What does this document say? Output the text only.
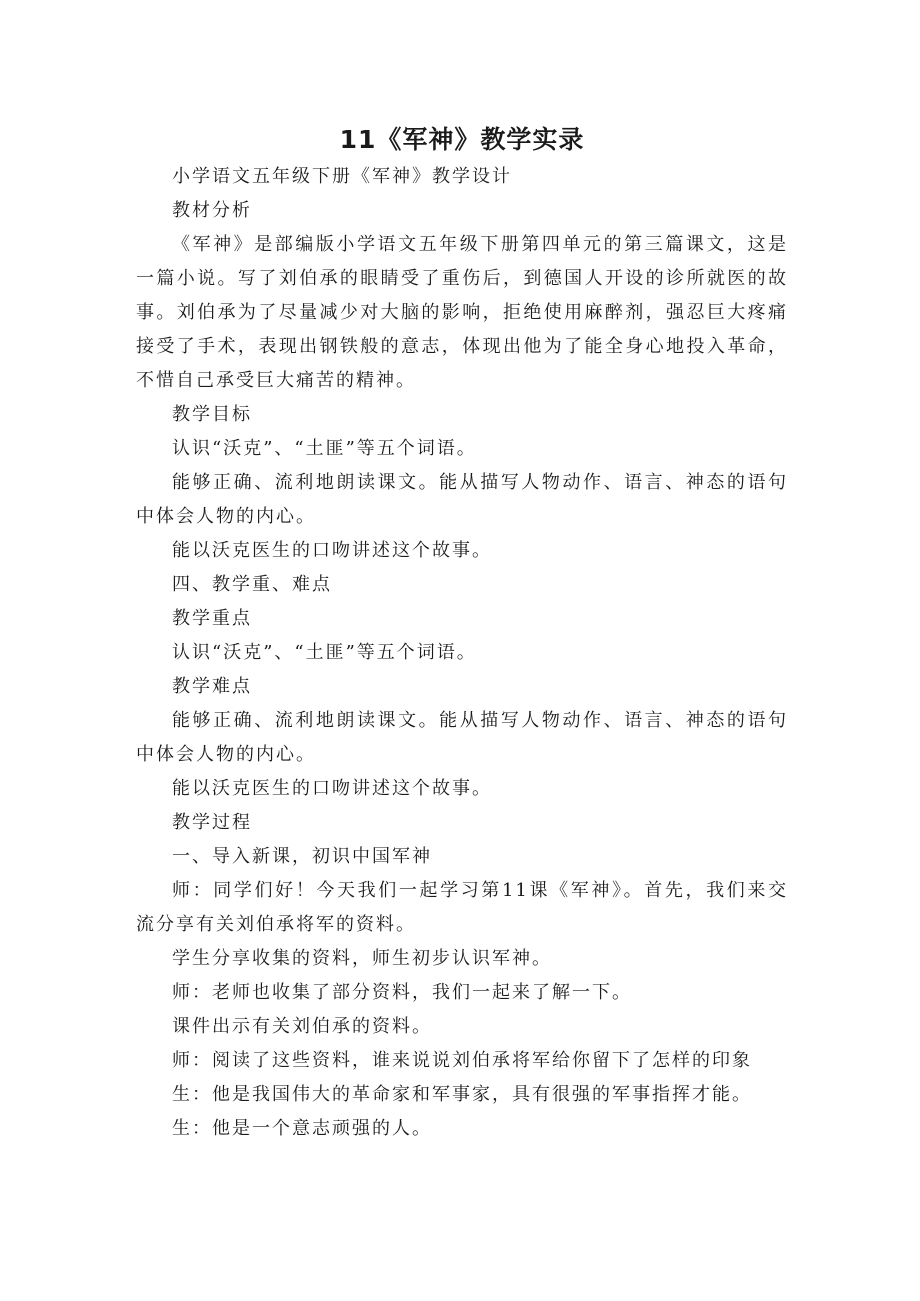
11《军神》教学实录

小学语文五年级下册《军神》教学设计

教材分析

《军神》是部编版小学语文五年级下册第四单元的第三篇课文，这是一篇小说。写了刘伯承的眼睛受了重伤后，到德国人开设的诊所就医的故事。刘伯承为了尽量减少对大脑的影响，拒绝使用麻醉剂，强忍巨大疼痛接受了手术，表现出钢铁般的意志，体现出他为了能全身心地投入革命，不惜自己承受巨大痛苦的精神。

教学目标

认识“沃克”、“土匪”等五个词语。

能够正确、流利地朗读课文。能从描写人物动作、语言、神态的语句中体会人物的内心。

能以沃克医生的口吻讲述这个故事。

四、教学重、难点

教学重点

认识“沃克”、“土匪”等五个词语。

教学难点

能够正确、流利地朗读课文。能从描写人物动作、语言、神态的语句中体会人物的内心。

能以沃克医生的口吻讲述这个故事。

教学过程

一、导入新课，初识中国军神

师：同学们好！今天我们一起学习第11课《军神》。首先，我们来交流分享有关刘伯承将军的资料。

学生分享收集的资料，师生初步认识军神。

师：老师也收集了部分资料，我们一起来了解一下。

课件出示有关刘伯承的资料。

师：阅读了这些资料，谁来说说刘伯承将军给你留下了怎样的印象

生：他是我国伟大的革命家和军事家，具有很强的军事指挥才能。

生：他是一个意志顽强的人。
